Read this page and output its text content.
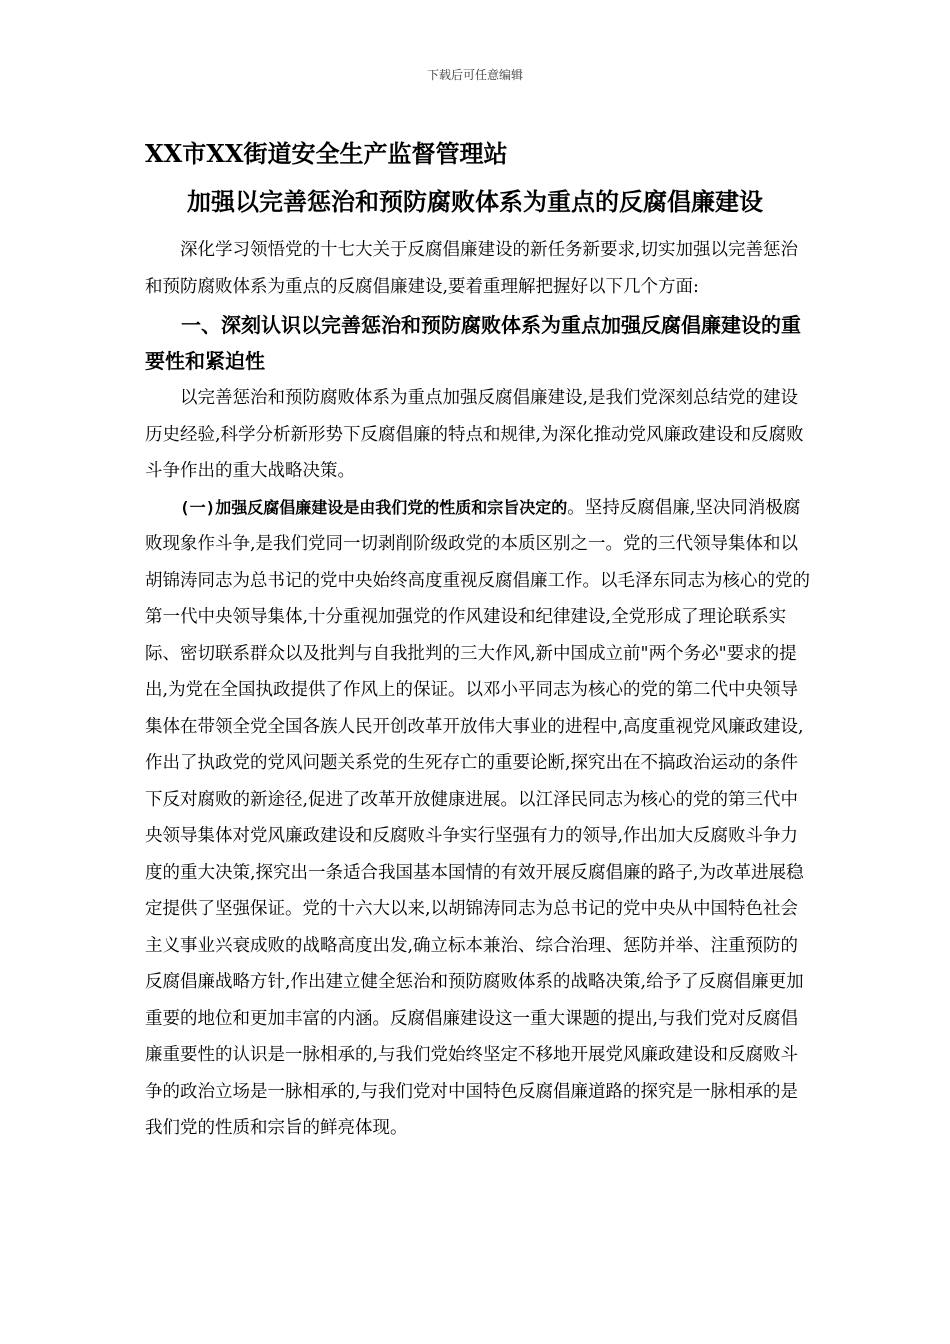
下载后可任意编辑
XX市XX街道安全生产监督管理站
加强以完善惩治和预防腐败体系为重点的反腐倡廉建设

深化学习领悟党的十七大关于反腐倡廉建设的新任务新要求,切实加强以完善惩治和预防腐败体系为重点的反腐倡廉建设,要着重理解把握好以下几个方面:

一、深刻认识以完善惩治和预防腐败体系为重点加强反腐倡廉建设的重要性和紧迫性

以完善惩治和预防腐败体系为重点加强反腐倡廉建设,是我们党深刻总结党的建设历史经验,科学分析新形势下反腐倡廉的特点和规律,为深化推动党风廉政建设和反腐败斗争作出的重大战略决策。

(一)加强反腐倡廉建设是由我们党的性质和宗旨决定的。坚持反腐倡廉,坚决同消极腐败现象作斗争,是我们党同一切剥削阶级政党的本质区别之一。党的三代领导集体和以胡锦涛同志为总书记的党中央始终高度重视反腐倡廉工作。以毛泽东同志为核心的党的第一代中央领导集体,十分重视加强党的作风建设和纪律建设,全党形成了理论联系实际、密切联系群众以及批判与自我批判的三大作风,新中国成立前"两个务必"要求的提出,为党在全国执政提供了作风上的保证。以邓小平同志为核心的党的第二代中央领导集体在带领全党全国各族人民开创改革开放伟大事业的进程中,高度重视党风廉政建设,作出了执政党的党风问题关系党的生死存亡的重要论断,探究出在不搞政治运动的条件下反对腐败的新途径,促进了改革开放健康进展。以江泽民同志为核心的党的第三代中央领导集体对党风廉政建设和反腐败斗争实行坚强有力的领导,作出加大反腐败斗争力度的重大决策,探究出一条适合我国基本国情的有效开展反腐倡廉的路子,为改革进展稳定提供了坚强保证。党的十六大以来,以胡锦涛同志为总书记的党中央从中国特色社会主义事业兴衰成败的战略高度出发,确立标本兼治、综合治理、惩防并举、注重预防的反腐倡廉战略方针,作出建立健全惩治和预防腐败体系的战略决策,给予了反腐倡廉更加重要的地位和更加丰富的内涵。反腐倡廉建设这一重大课题的提出,与我们党对反腐倡廉重要性的认识是一脉相承的,与我们党始终坚定不移地开展党风廉政建设和反腐败斗争的政治立场是一脉相承的,与我们党对中国特色反腐倡廉道路的探究是一脉相承的是我们党的性质和宗旨的鲜亮体现。
